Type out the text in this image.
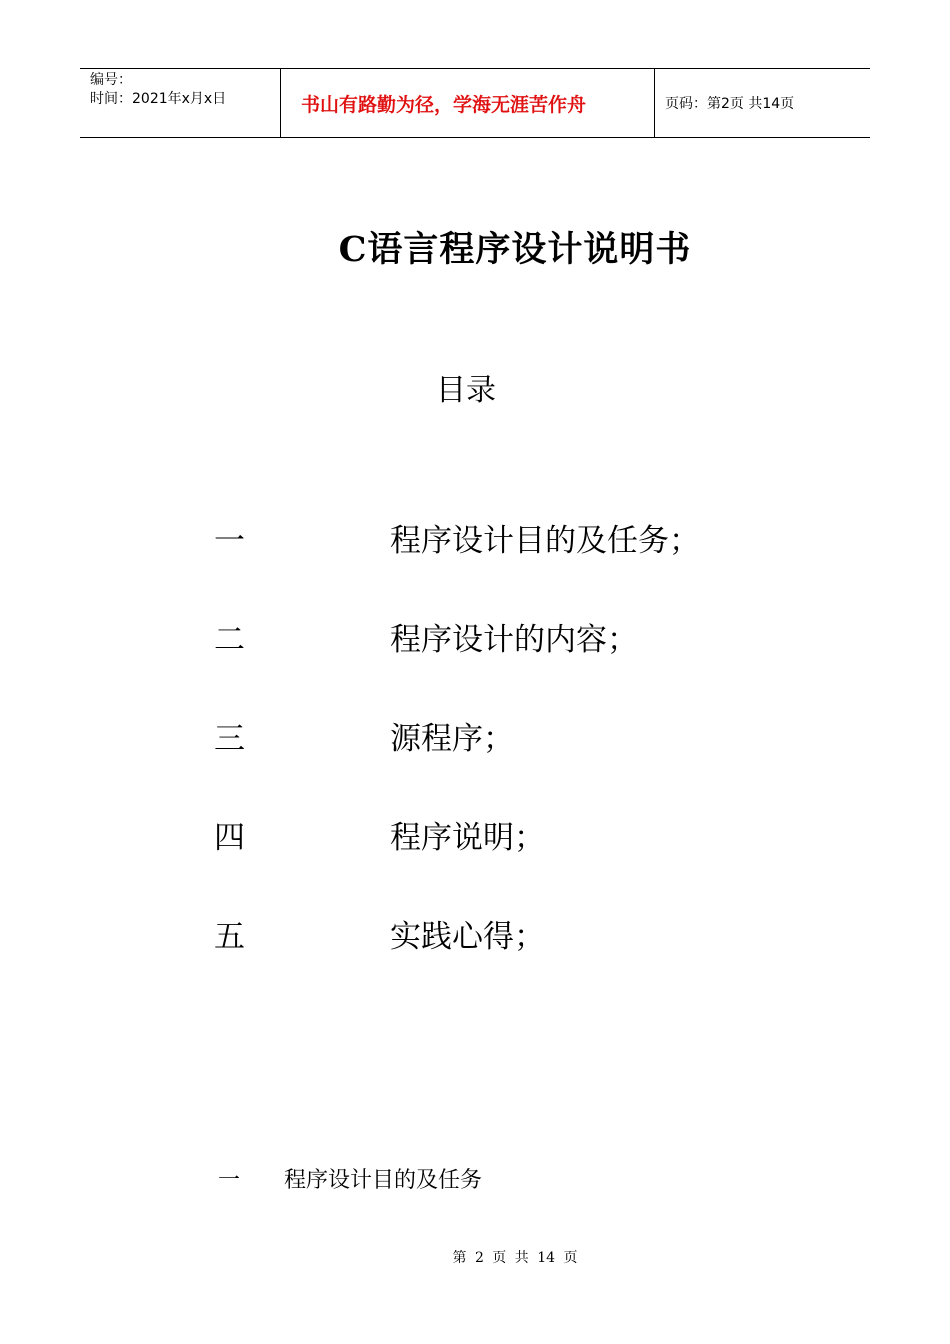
编号：
时间：2021年x月x日	书山有路勤为径，学海无涯苦作舟	页码：第2页 共14页
C语言程序设计说明书
目录
一	程序设计目的及任务；
二	程序设计的内容；
三	源程序；
四	程序说明；
五	实践心得；
一 程序设计目的及任务
第 2 页 共 14 页
